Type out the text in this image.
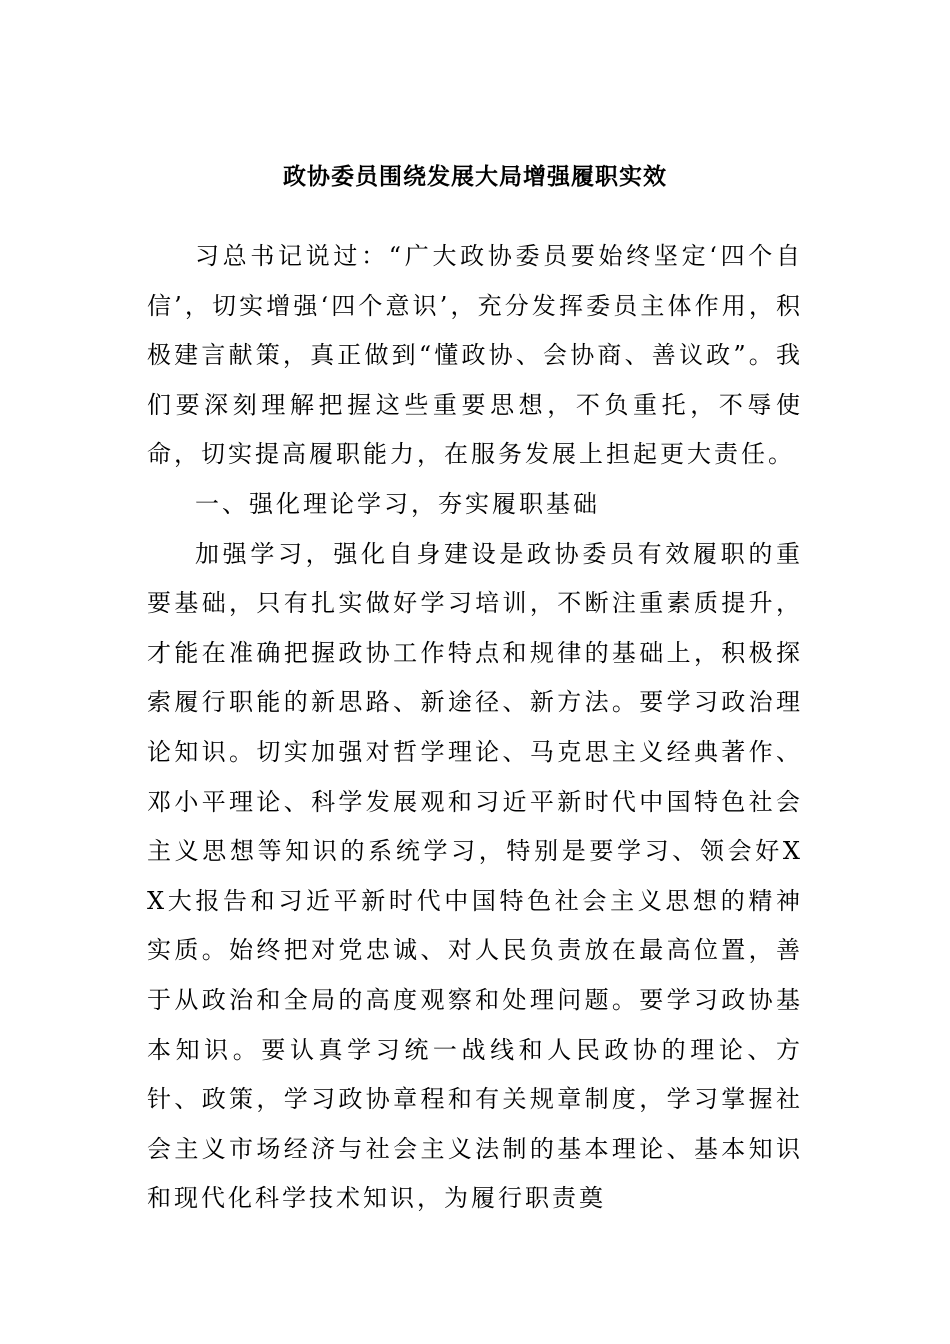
政协委员围绕发展大局增强履职实效

习总书记说过：“广大政协委员要始终坚定‘四个自信’，切实增强‘四个意识’，充分发挥委员主体作用，积极建言献策，真正做到“懂政协、会协商、善议政”。我们要深刻理解把握这些重要思想，不负重托，不辱使命，切实提高履职能力，在服务发展上担起更大责任。

一、强化理论学习，夯实履职基础

加强学习，强化自身建设是政协委员有效履职的重要基础，只有扎实做好学习培训，不断注重素质提升，才能在准确把握政协工作特点和规律的基础上，积极探索履行职能的新思路、新途径、新方法。要学习政治理论知识。切实加强对哲学理论、马克思主义经典著作、邓小平理论、科学发展观和习近平新时代中国特色社会主义思想等知识的系统学习，特别是要学习、领会好XX大报告和习近平新时代中国特色社会主义思想的精神实质。始终把对党忠诚、对人民负责放在最高位置，善于从政治和全局的高度观察和处理问题。要学习政协基本知识。要认真学习统一战线和人民政协的理论、方针、政策，学习政协章程和有关规章制度，学习掌握社会主义市场经济与社会主义法制的基本理论、基本知识和现代化科学技术知识，为履行职责奠
